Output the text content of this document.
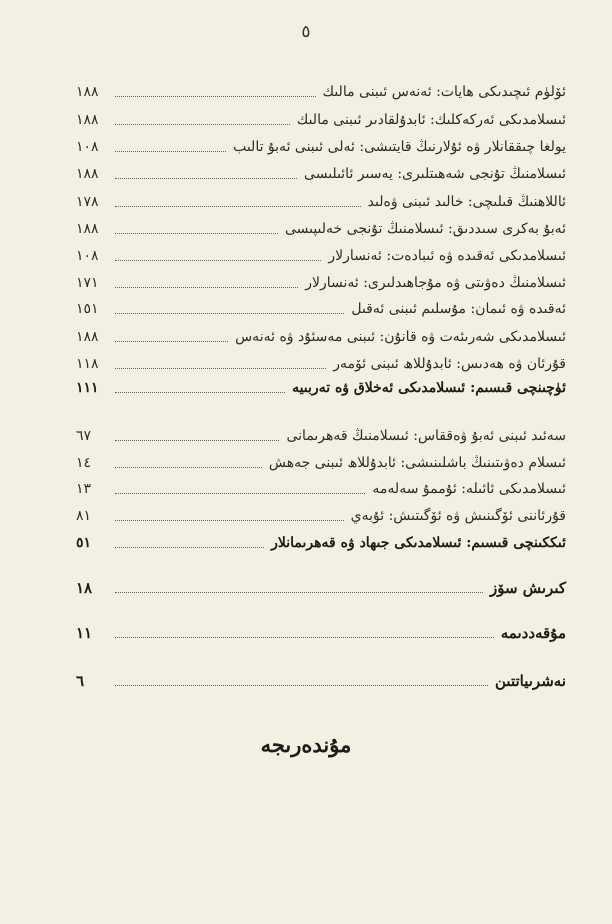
٥
ئۆلۈم ئىچىدىكى ھايات: ئەنەس ئىبنى مالىك
١٨٨
ئىسلامدىكى ئەركەكلىك: ئابدۇلقادىر ئىبنى مالىك
١٨٨
يولغا چىققانلار ۋە ئۇلارنىڭ قايتىشى: ئەلى ئىبنى ئەبۇ تالىب
١٠٨
ئىسلامنىڭ تۇنجى شەھىتلىرى: يەسىر ئائىلىسى
١٨٨
ئاللاھنىڭ قىلىچى: خالىد ئىبنى ۋەلىد
١٧٨
ئەبۇ بەكرى سىددىق: ئىسلامنىڭ تۇنجى خەلىپىسى
١٨٨
ئىسلامدىكى ئەقىدە ۋە ئىبادەت: ئەنسارلار
١٠٨
ئىسلامنىڭ دەۋىتى ۋە مۇجاھىدلىرى: ئەنسارلار
١٧١
ئەقىدە ۋە ئىمان: مۇسلىم ئىبنى ئەقىل
١٥١
ئىسلامدىكى شەرىئەت ۋە قانۇن: ئىبنى مەسئۇد ۋە ئەنەس
١٨٨
قۇرئان ۋە ھەدىس: ئابدۇللاھ ئىبنى ئۆمەر
١١٨
ئۈچىنچى قىسىم: ئىسلامدىكى ئەخلاق ۋە تەربىيە
١١١
سەئىد ئىبنى ئەبۇ ۋەققاس: ئىسلامنىڭ قەھرىمانى
٦٧
ئىسلام دەۋىتىنىڭ باشلىنىشى: ئابدۇللاھ ئىبنى جەھش
١٤
ئىسلامدىكى ئائىلە: ئۇممۇ سەلەمە
١٣
قۇرئاننى ئۆگىنىش ۋە ئۆگىتىش: ئۇبەي
٨١
ئىككىنچى قىسىم: ئىسلامدىكى جىھاد ۋە قەھرىمانلار
٥١
كىرىش سۆز
١٨
مۇقەددىمە
١١
نەشرىياتتىن
٦
مۇندەرىجە
